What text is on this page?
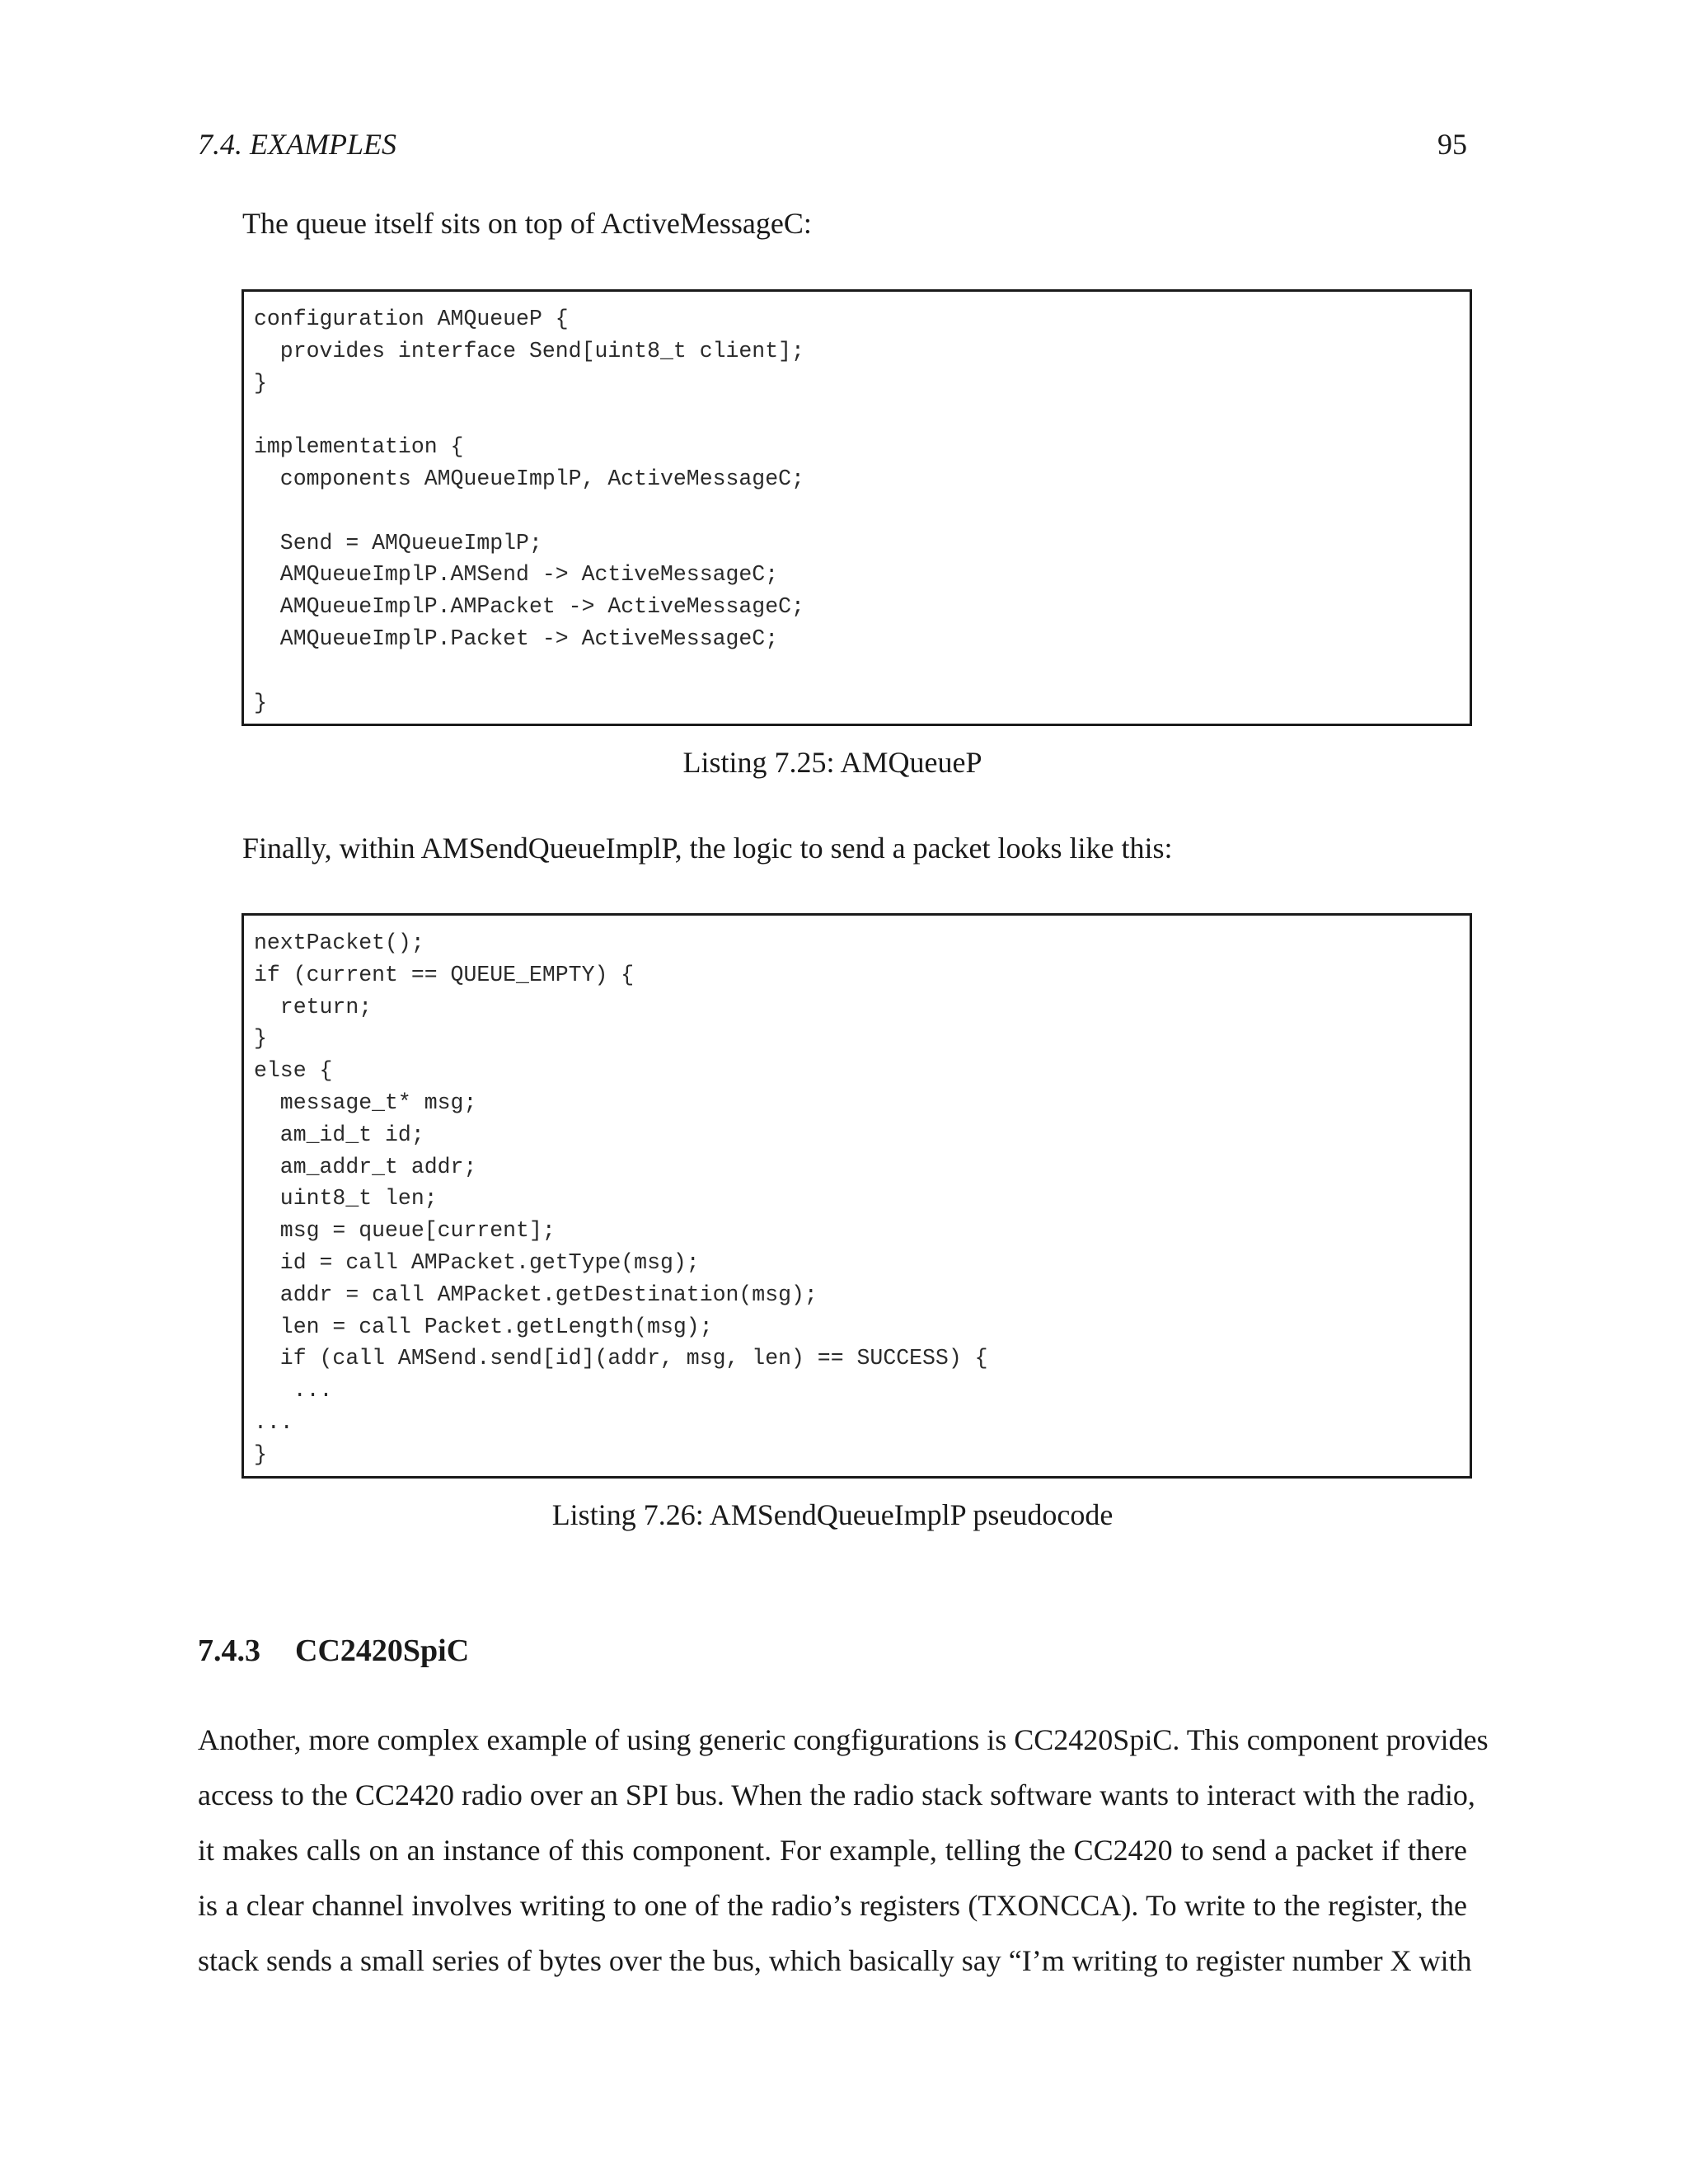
7.4. EXAMPLES	95

The queue itself sits on top of ActiveMessageC:

configuration AMQueueP {
provides interface Send[uint8_t client];
}
implementation {
components AMQueueImplP, ActiveMessageC;
Send = AMQueueImplP;
AMQueueImplP.AMSend -> ActiveMessageC;
AMQueueImplP.AMPacket -> ActiveMessageC;
AMQueueImplP.Packet -> ActiveMessageC;
}
Listing 7.25: AMQueueP

Finally, within AMSendQueueImplP, the logic to send a packet looks like this:

nextPacket();
if (current == QUEUE_EMPTY) {
return;
}
else {
message_t* msg;
am_id_t id;
am_addr_t addr;
uint8_t len;
msg = queue[current];
id = call AMPacket.getType(msg);
addr = call AMPacket.getDestination(msg);
len = call Packet.getLength(msg);
if (call AMSend.send[id](addr, msg, len) == SUCCESS) {
...
...
}
Listing 7.26: AMSendQueueImplP pseudocode
7.4.3 CC2420SpiC
Another, more complex example of using generic congfigurations is CC2420SpiC. This component provides
access to the CC2420 radio over an SPI bus. When the radio stack software wants to interact with the radio,
it makes calls on an instance of this component. For example, telling the CC2420 to send a packet if there
is a clear channel involves writing to one of the radio’s registers (TXONCCA). To write to the register, the
stack sends a small series of bytes over the bus, which basically say “I’m writing to register number X with
